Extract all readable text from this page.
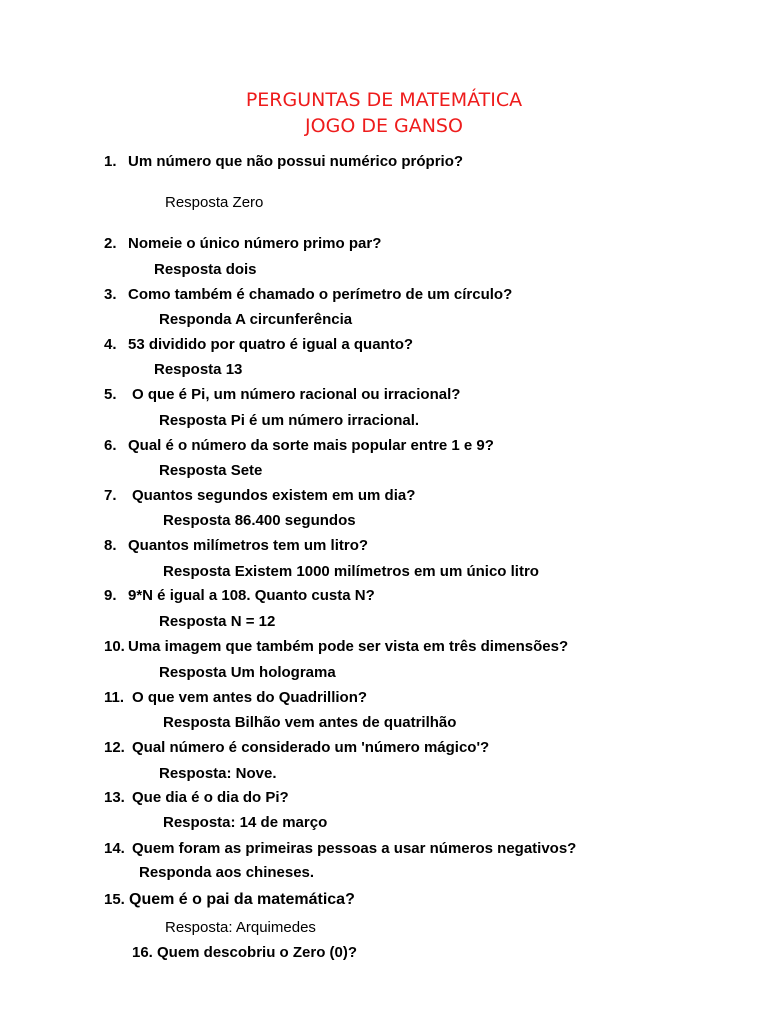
PERGUNTAS DE MATEMÁTICA
JOGO DE GANSO
1. Um número que não possui numérico próprio?
Resposta Zero
2. Nomeie o único número primo par?
Resposta dois
3. Como também é chamado o perímetro de um círculo?
Responda A circunferência
4. 53 dividido por quatro é igual a quanto?
Resposta 13
5. O que é Pi, um número racional ou irracional?
Resposta Pi é um número irracional.
6. Qual é o número da sorte mais popular entre 1 e 9?
Resposta Sete
7. Quantos segundos existem em um dia?
Resposta 86.400 segundos
8. Quantos milímetros tem um litro?
Resposta Existem 1000 milímetros em um único litro
9. 9*N é igual a 108. Quanto custa N?
Resposta N = 12
10. Uma imagem que também pode ser vista em três dimensões?
Resposta Um holograma
11. O que vem antes do Quadrillion?
Resposta Bilhão vem antes de quatrilhão
12. Qual número é considerado um 'número mágico'?
Resposta: Nove.
13. Que dia é o dia do Pi?
Resposta: 14 de março
14. Quem foram as primeiras pessoas a usar números negativos?
Responda aos chineses.
15. Quem é o pai da matemática?
Resposta: Arquimedes
16. Quem descobriu o Zero (0)?
